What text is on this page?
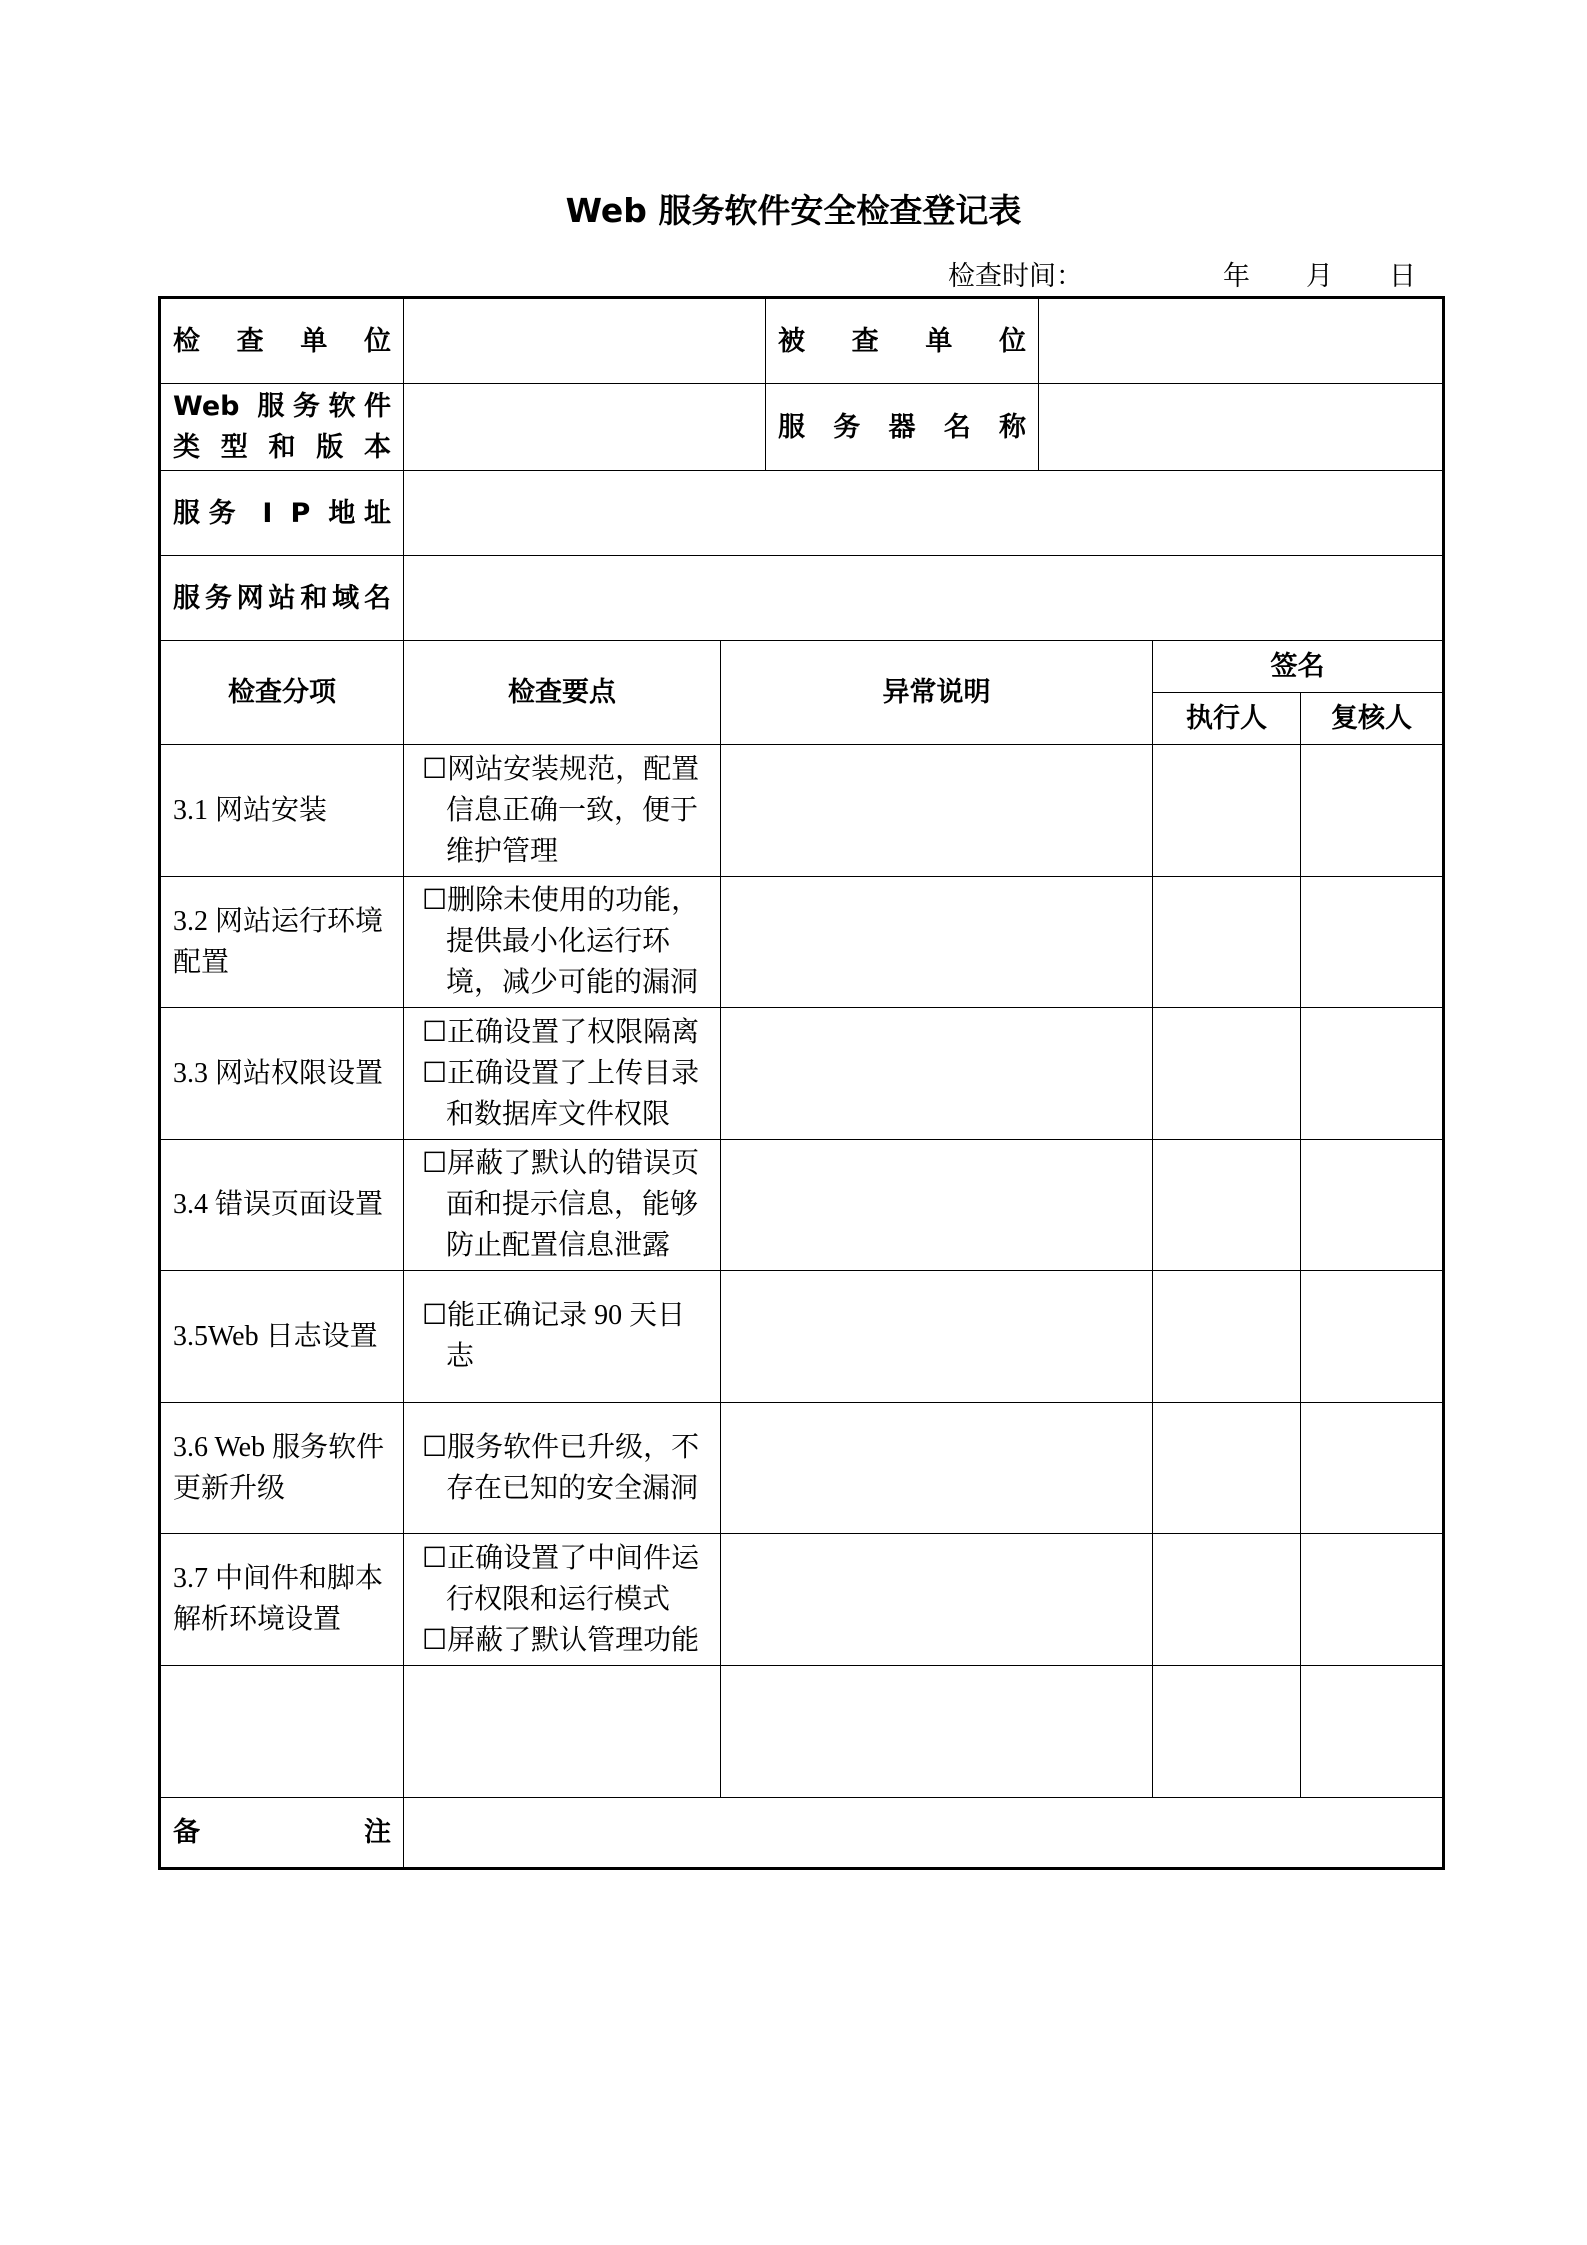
Web 服务软件安全检查登记表
检查时间：	年 月 日
检　查　单　位			被　查　单　位			

Web 服务软件
类 型 和 版 本			服 务 器 名 称			

服务 I P 地址						

服务网站和域名						

检查分项	检查要点	异常说明			签名	
					执行人	复核人
3.1 网站安装	☐网站安装规范，配置信息正确一致，便于维护管理					

3.2 网站运行环境配置	☐删除未使用的功能，提供最小化运行环境，减少可能的漏洞					

3.3 网站权限设置	☐正确设置了权限隔离
☐正确设置了上传目录和数据库文件权限					

3.4 错误页面设置	☐屏蔽了默认的错误页面和提示信息，能够防止配置信息泄露					

3.5Web 日志设置	☐能正确记录 90 天日志					

3.6 Web 服务软件更新升级	☐服务软件已升级，不存在已知的安全漏洞					

3.7 中间件和脚本解析环境设置	☐正确设置了中间件运行权限和运行模式
☐屏蔽了默认管理功能					

备　　　　　注						
